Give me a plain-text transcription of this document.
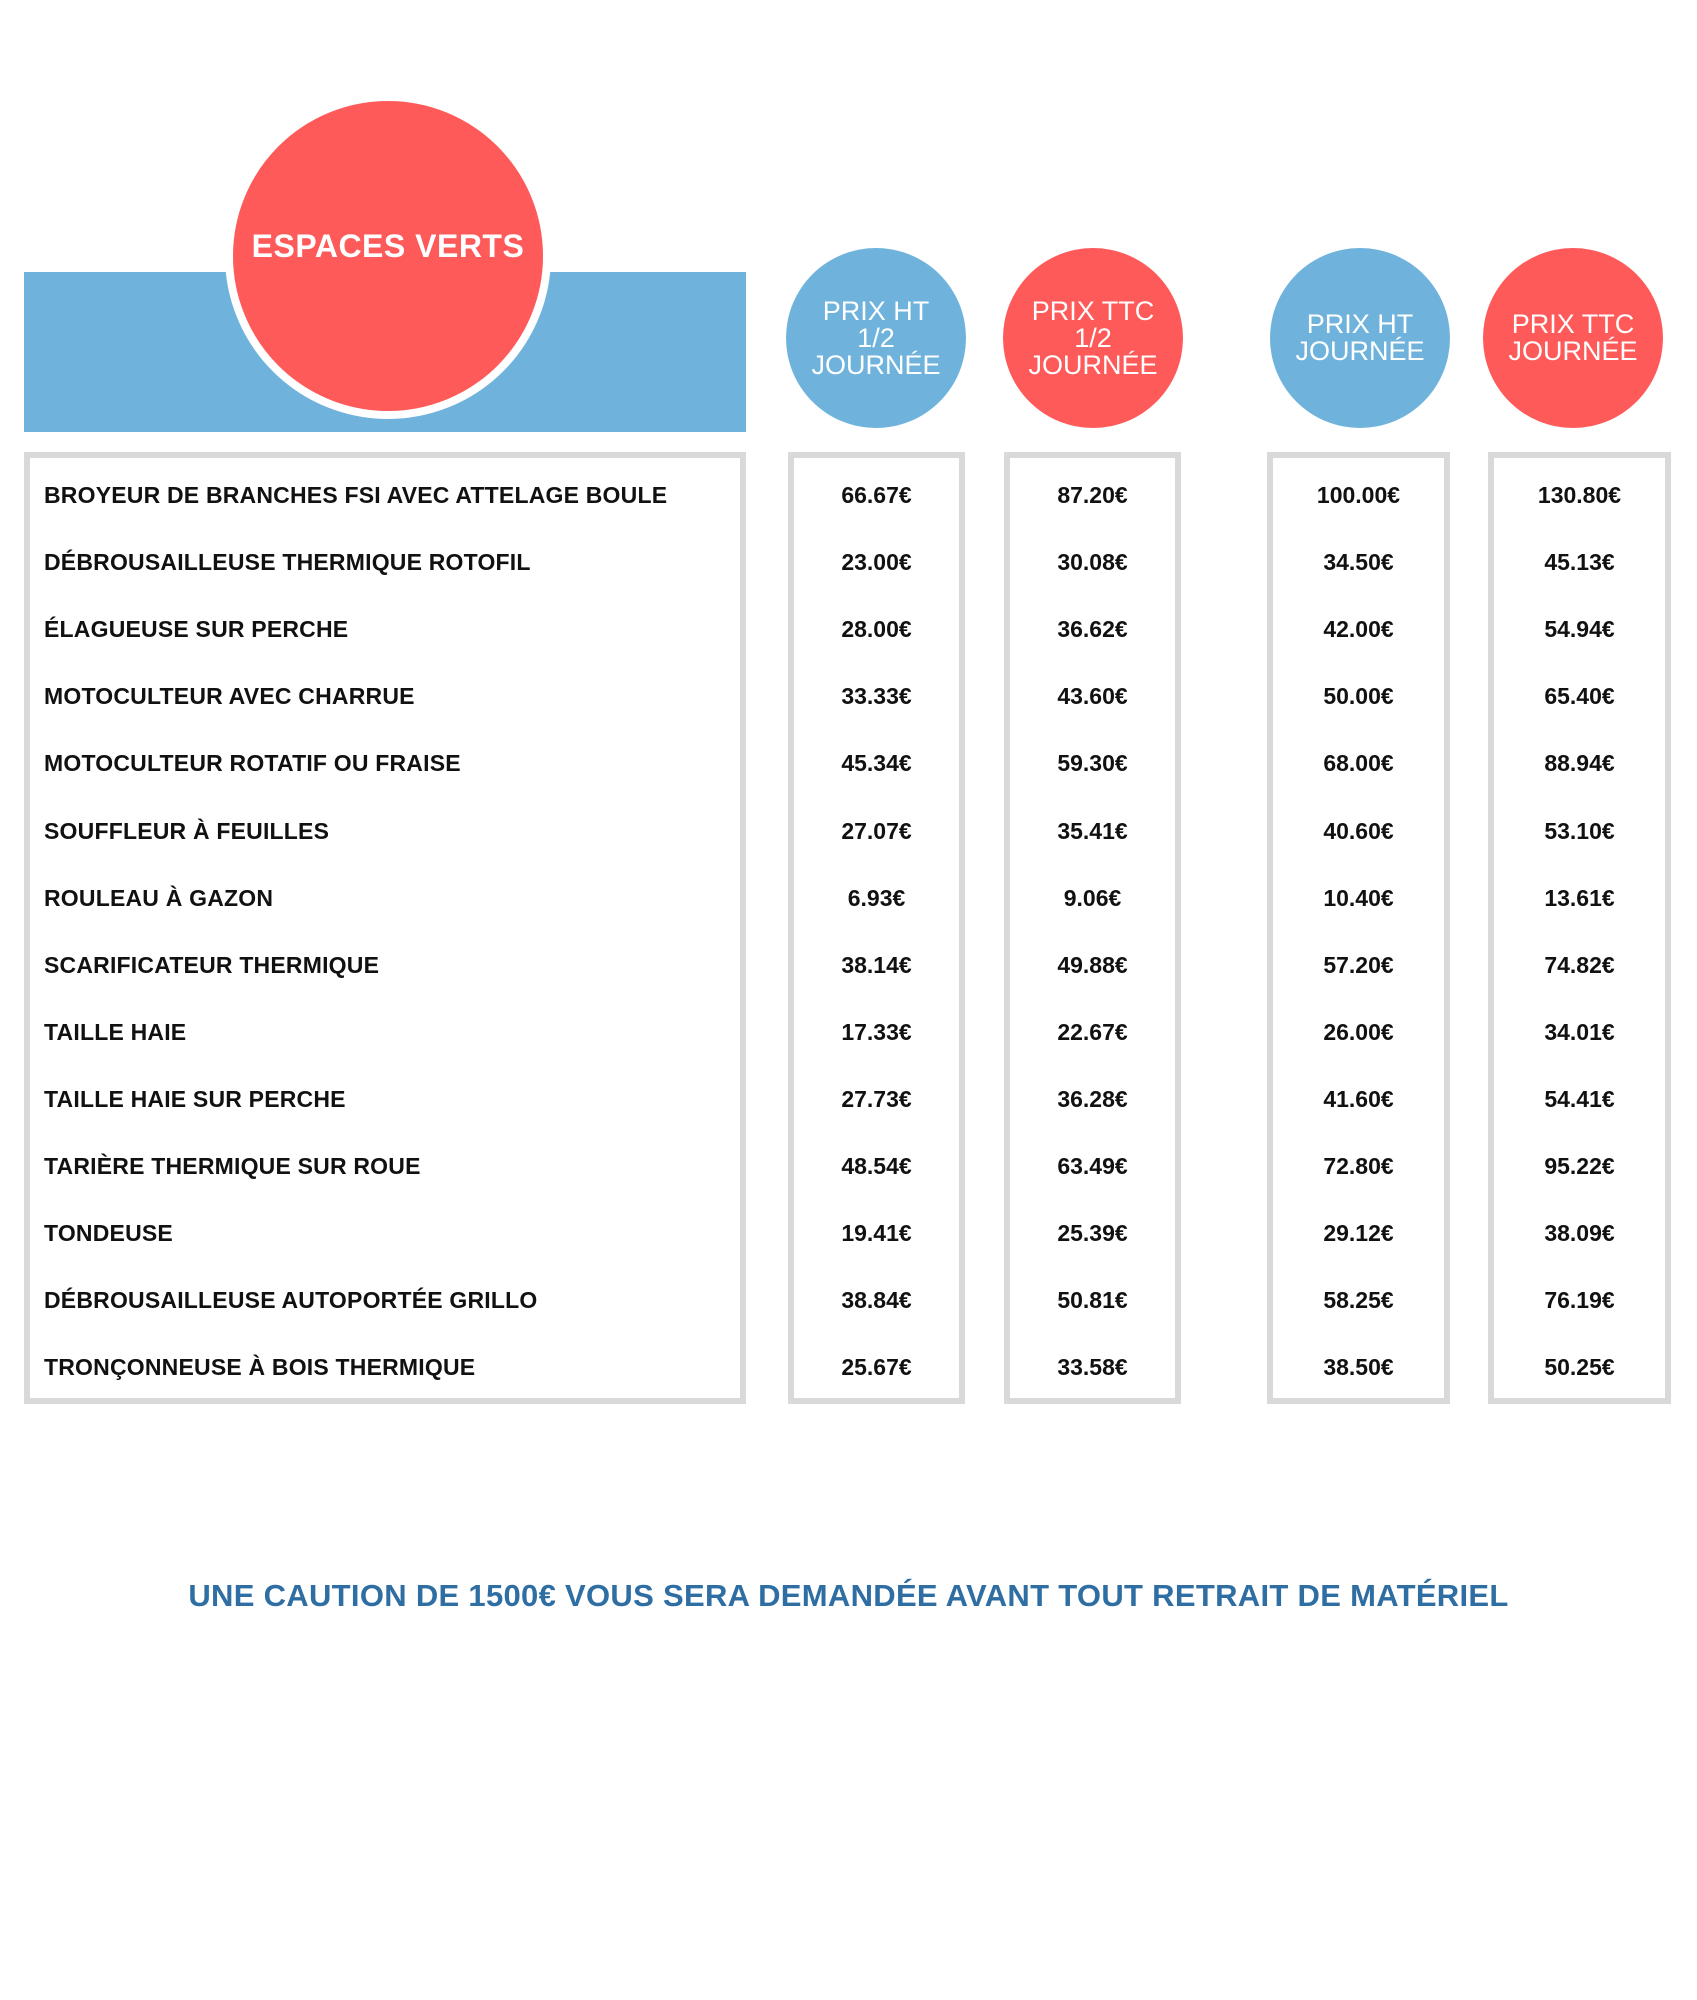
ESPACES VERTS
PRIX HT
1/2
JOURNÉE
PRIX TTC
1/2
JOURNÉE
PRIX HT
JOURNÉE
PRIX TTC
JOURNÉE
BROYEUR DE BRANCHES FSI AVEC ATTELAGE BOULE
DÉBROUSAILLEUSE THERMIQUE ROTOFIL
ÉLAGUEUSE SUR PERCHE
MOTOCULTEUR AVEC CHARRUE
MOTOCULTEUR ROTATIF OU FRAISE
SOUFFLEUR À FEUILLES
ROULEAU À GAZON
SCARIFICATEUR THERMIQUE
TAILLE HAIE
TAILLE HAIE SUR PERCHE
TARIÈRE THERMIQUE SUR ROUE
TONDEUSE
DÉBROUSAILLEUSE AUTOPORTÉE GRILLO
TRONÇONNEUSE À BOIS THERMIQUE
66.67€
23.00€
28.00€
33.33€
45.34€
27.07€
6.93€
38.14€
17.33€
27.73€
48.54€
19.41€
38.84€
25.67€
87.20€
30.08€
36.62€
43.60€
59.30€
35.41€
9.06€
49.88€
22.67€
36.28€
63.49€
25.39€
50.81€
33.58€
100.00€
34.50€
42.00€
50.00€
68.00€
40.60€
10.40€
57.20€
26.00€
41.60€
72.80€
29.12€
58.25€
38.50€
130.80€
45.13€
54.94€
65.40€
88.94€
53.10€
13.61€
74.82€
34.01€
54.41€
95.22€
38.09€
76.19€
50.25€
UNE CAUTION DE 1500€ VOUS SERA DEMANDÉE AVANT TOUT RETRAIT DE MATÉRIEL
